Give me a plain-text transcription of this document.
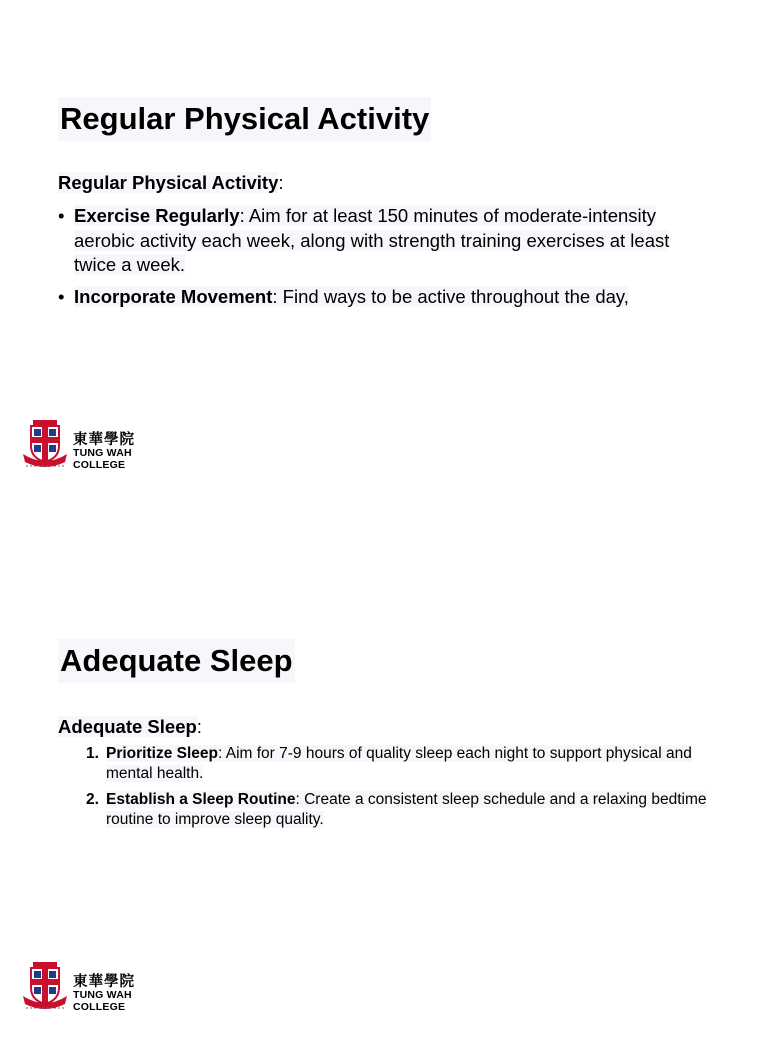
Regular Physical Activity
Regular Physical Activity:
• Exercise Regularly: Aim for at least 150 minutes of moderate-intensity aerobic activity each week, along with strength training exercises at least twice a week.
• Incorporate Movement: Find ways to be active throughout the day,
東華學院
TUNG WAH COLLEGE
Adequate Sleep
Adequate Sleep:
1. Prioritize Sleep: Aim for 7-9 hours of quality sleep each night to support physical and mental health.
2. Establish a Sleep Routine: Create a consistent sleep schedule and a relaxing bedtime routine to improve sleep quality.
東華學院
TUNG WAH COLLEGE
